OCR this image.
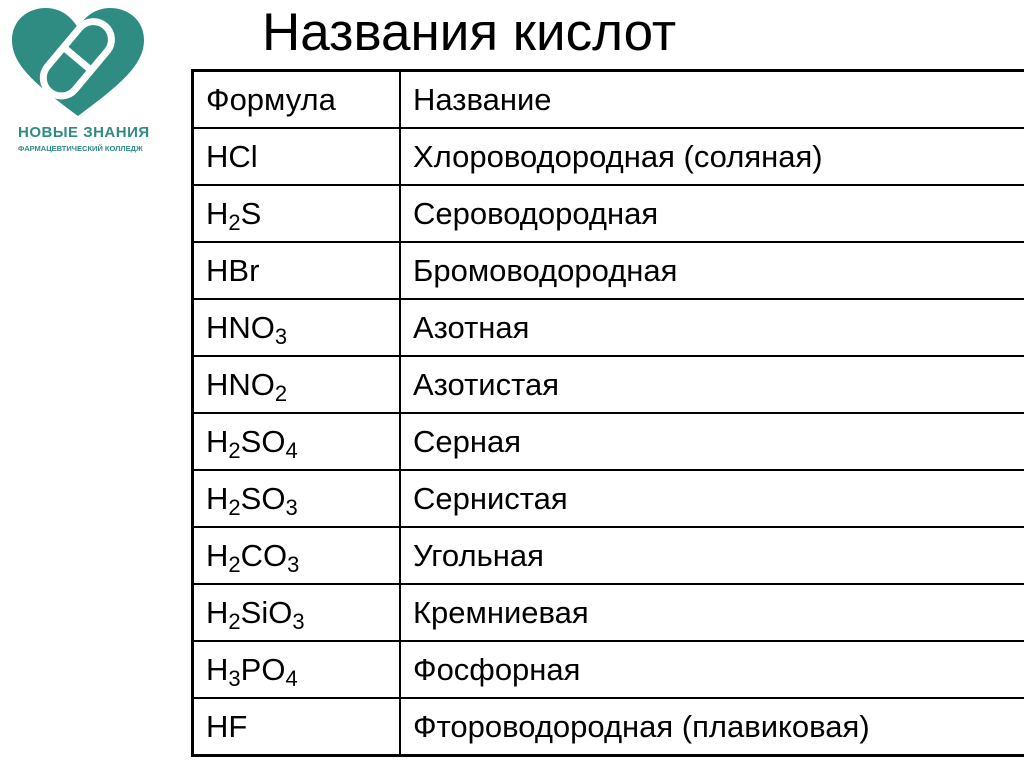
НОВЫЕ ЗНАНИЯ
ФАРМАЦЕВТИЧЕСКИЙ КОЛЛЕДЖ
Названия кислот
Формула	Название
HCl	Хлороводородная (соляная)
$H_2S$	Сероводородная
HBr	Бромоводородная
$HNO_3$	Азотная
$HNO_2$	Азотистая
$H_2SO_4$	Серная
$H_2SO_3$	Сернистая
$H_2CO_3$	Угольная
$H_2SiO_3$	Кремниевая
$H_3PO_4$	Фосфорная
HF	Фтороводородная (плавиковая)
